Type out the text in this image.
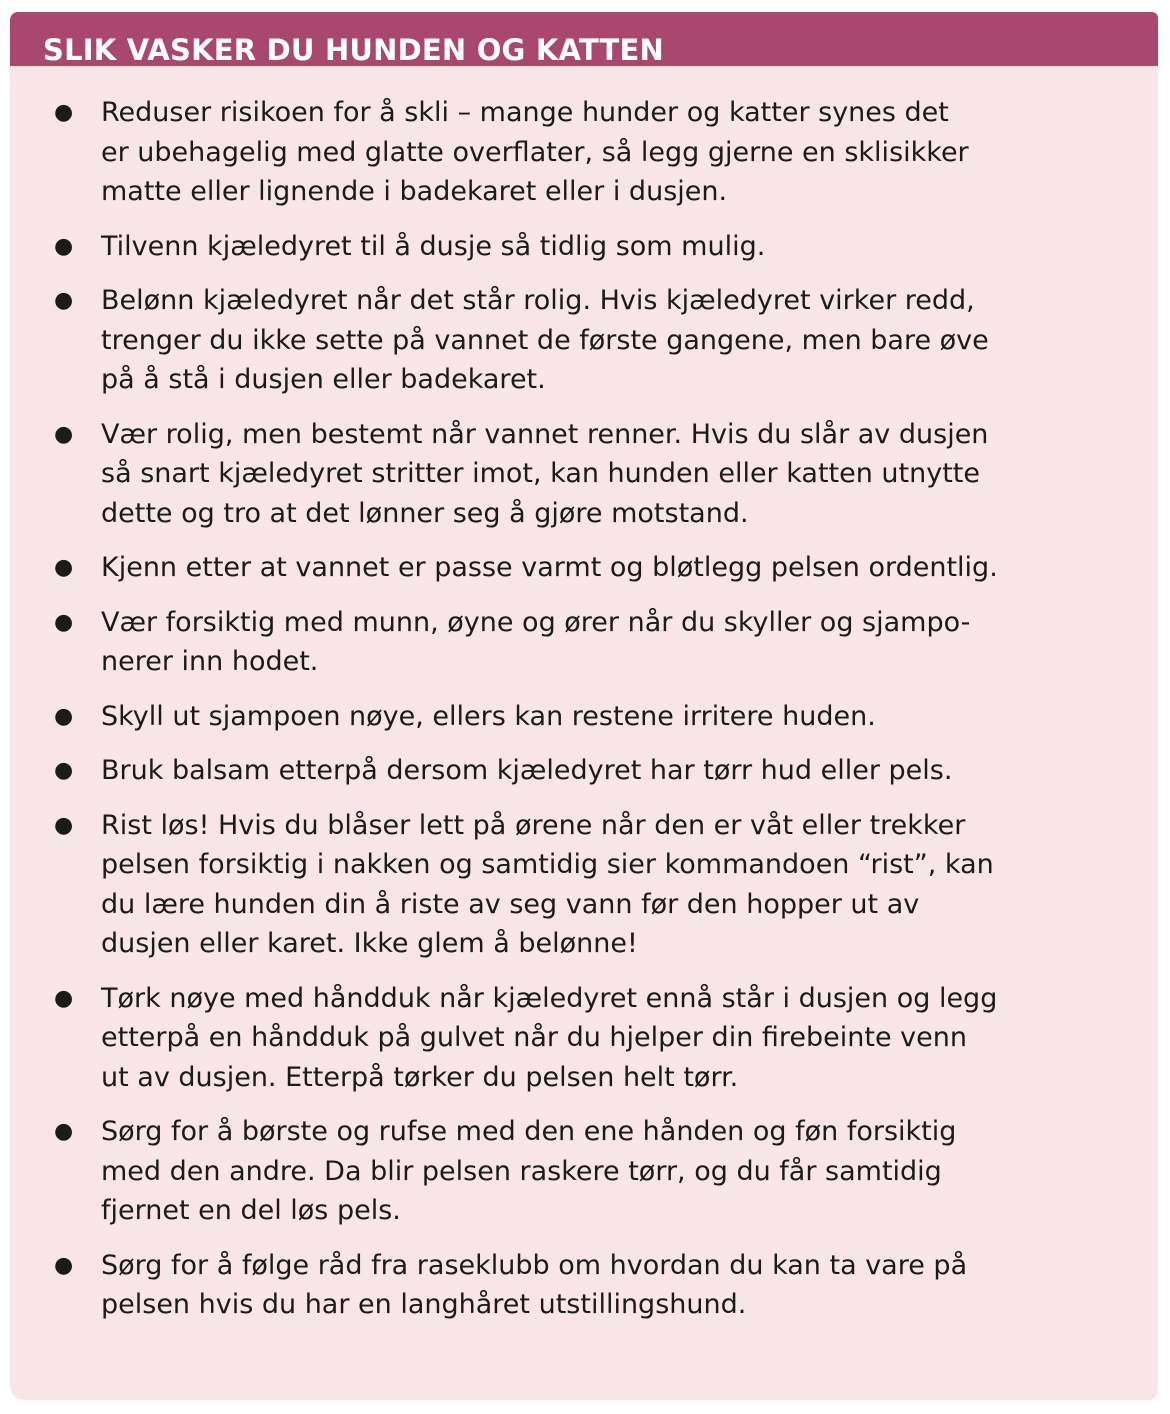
SLIK VASKER DU HUNDEN OG KATTEN
● Reduser risikoen for å skli – mange hunder og katter synes det
er ubehagelig med glatte overflater, så legg gjerne en sklisikker
matte eller lignende i badekaret eller i dusjen.
● Tilvenn kjæledyret til å dusje så tidlig som mulig.
● Belønn kjæledyret når det står rolig. Hvis kjæledyret virker redd,
trenger du ikke sette på vannet de første gangene, men bare øve
på å stå i dusjen eller badekaret.
● Vær rolig, men bestemt når vannet renner. Hvis du slår av dusjen
så snart kjæledyret stritter imot, kan hunden eller katten utnytte
dette og tro at det lønner seg å gjøre motstand.
● Kjenn etter at vannet er passe varmt og bløtlegg pelsen ordentlig.
● Vær forsiktig med munn, øyne og ører når du skyller og sjampo-
nerer inn hodet.
● Skyll ut sjampoen nøye, ellers kan restene irritere huden.
● Bruk balsam etterpå dersom kjæledyret har tørr hud eller pels.
● Rist løs! Hvis du blåser lett på ørene når den er våt eller trekker
pelsen forsiktig i nakken og samtidig sier kommandoen “rist”, kan
du lære hunden din å riste av seg vann før den hopper ut av
dusjen eller karet. Ikke glem å belønne!
● Tørk nøye med håndduk når kjæledyret ennå står i dusjen og legg
etterpå en håndduk på gulvet når du hjelper din firebeinte venn
ut av dusjen. Etterpå tørker du pelsen helt tørr.
● Sørg for å børste og rufse med den ene hånden og føn forsiktig
med den andre. Da blir pelsen raskere tørr, og du får samtidig
fjernet en del løs pels.
● Sørg for å følge råd fra raseklubb om hvordan du kan ta vare på
pelsen hvis du har en langhåret utstillingshund.
